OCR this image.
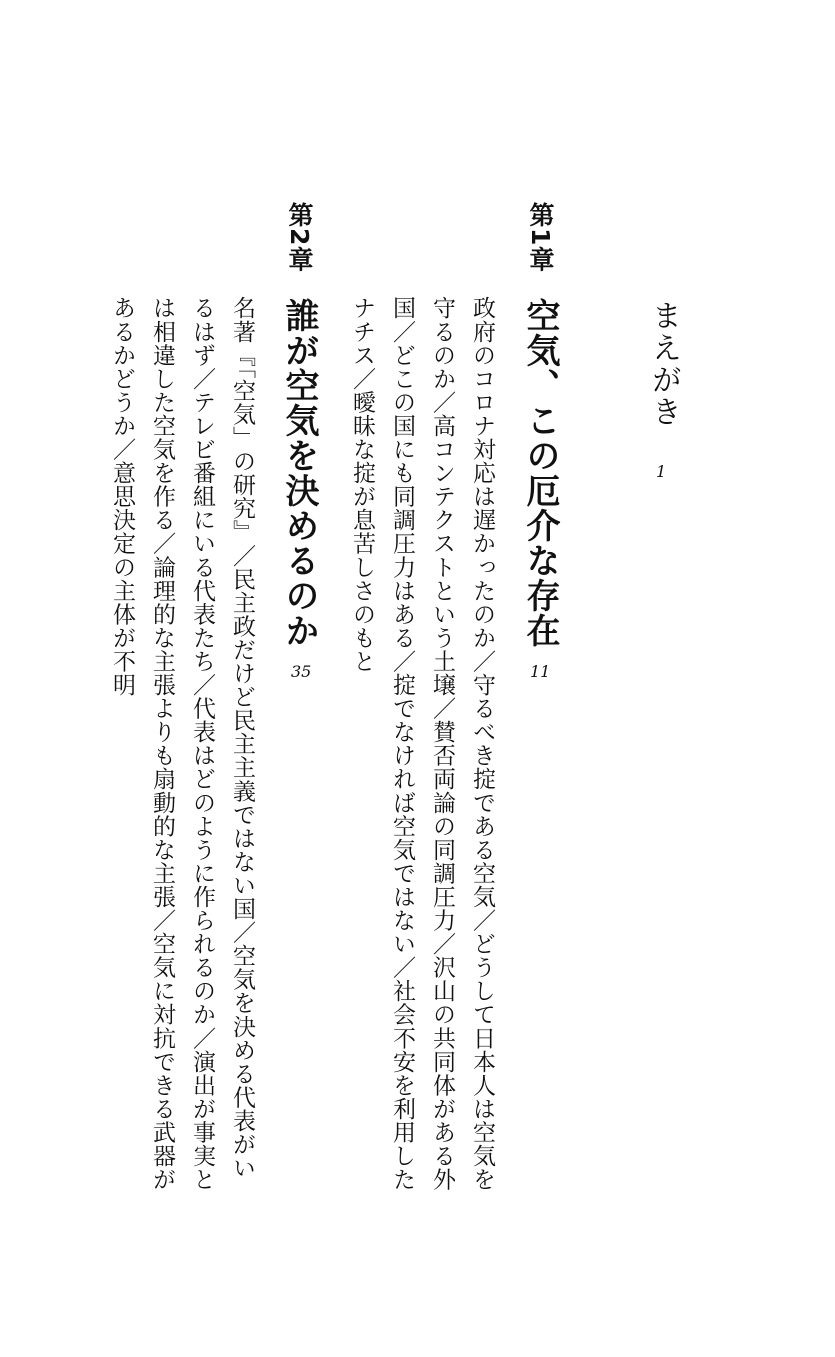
まえがき
1
第1章
空気、この厄介な存在
11
政府のコロナ対応は遅かったのか／守るべき掟である空気／どうして日本人は空気を
守るのか／高コンテクストという土壌／賛否両論の同調圧力／沢山の共同体がある外
国／どこの国にも同調圧力はある／掟でなければ空気ではない／社会不安を利用した
ナチス／曖昧な掟が息苦しさのもと
第2章
誰が空気を決めるのか
35
名著『「空気」の研究』／民主政だけど民主主義ではない国／空気を決める代表がい
るはず／テレビ番組にいる代表たち／代表はどのように作られるのか／演出が事実と
は相違した空気を作る／論理的な主張よりも扇動的な主張／空気に対抗できる武器が
あるかどうか／意思決定の主体が不明
